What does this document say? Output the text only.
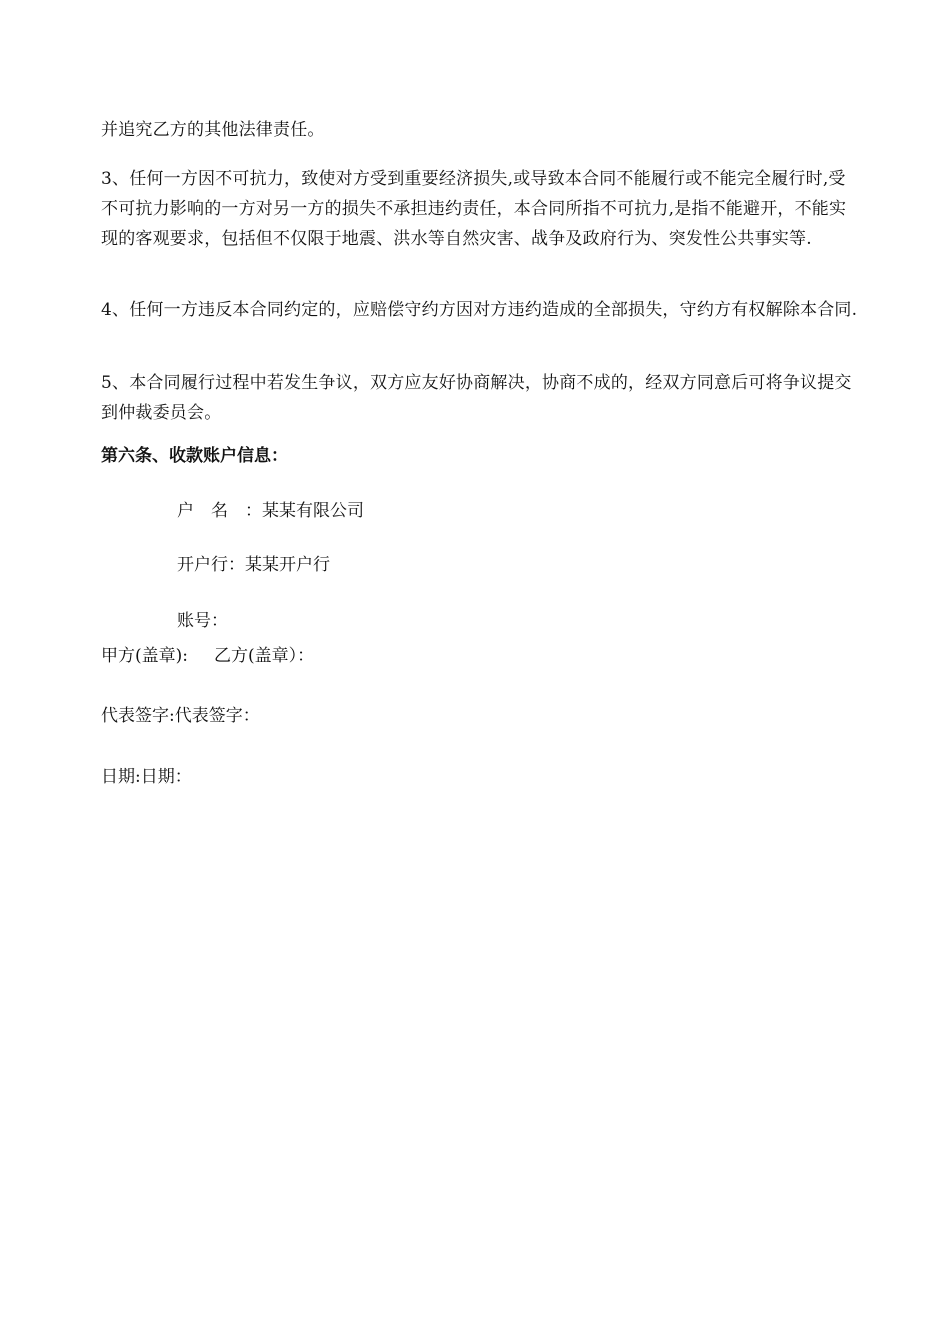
并追究乙方的其他法律责任。

3、任何一方因不可抗力，致使对方受到重要经济损失,或导致本合同不能履行或不能完全履行时,受不可抗力影响的一方对另一方的损失不承担违约责任，本合同所指不可抗力,是指不能避开，不能实现的客观要求，包括但不仅限于地震、洪水等自然灾害、战争及政府行为、突发性公共事实等.

4、任何一方违反本合同约定的，应赔偿守约方因对方违约造成的全部损失，守约方有权解除本合同.

5、本合同履行过程中若发生争议，双方应友好协商解决，协商不成的，经双方同意后可将争议提交到仲裁委员会。

第六条、收款账户信息：

户名：某某有限公司

开户行：某某开户行

账号：

甲方(盖章): 乙方(盖章）：

代表签字:代表签字：

日期:日期：
